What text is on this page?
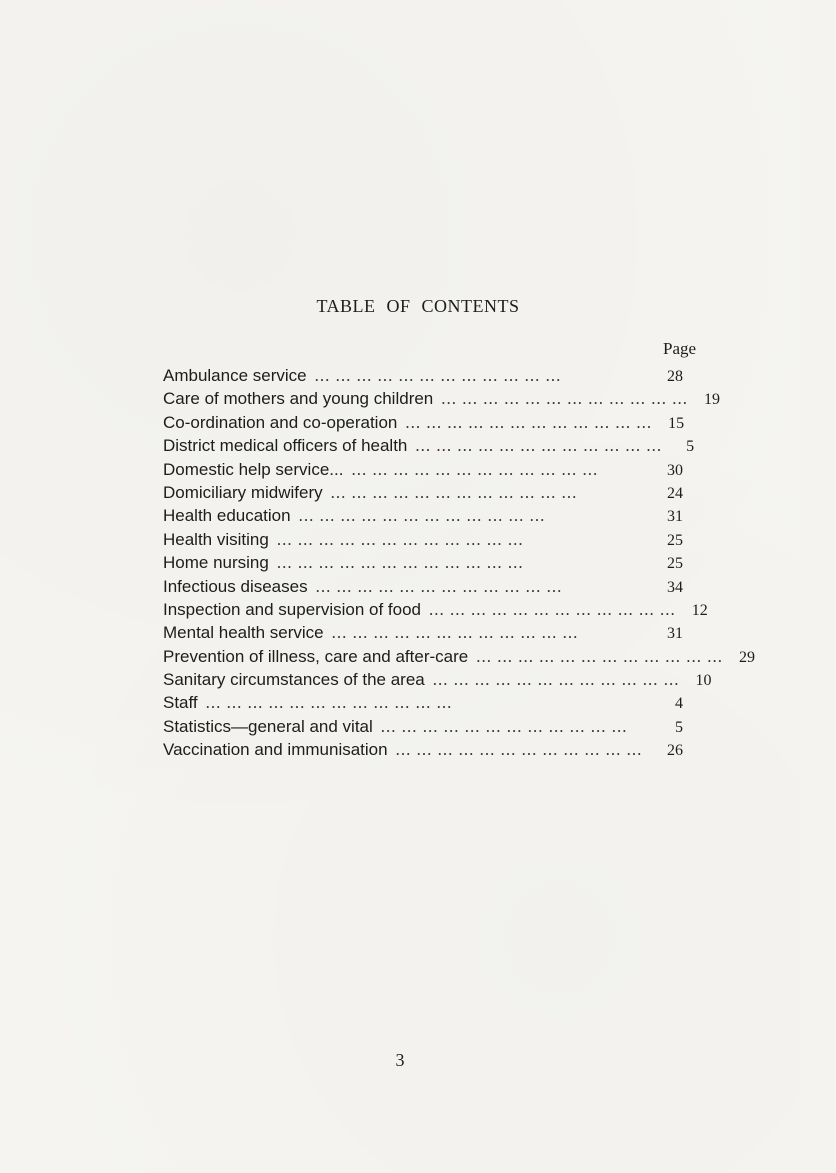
TABLE OF CONTENTS
Page
Ambulance service ... ... ... ... ... ... ... ... ... ... ... ...	28
Care of mothers and young children ... ... ... ... ... ... ... ... ... ... ... ...	19
Co-ordination and co-operation ... ... ... ... ... ... ... ... ... ... ... ...	15
District medical officers of health ... ... ... ... ... ... ... ... ... ... ... ...	5
Domestic help service... ... ... ... ... ... ... ... ... ... ... ... ...	30
Domiciliary midwifery ... ... ... ... ... ... ... ... ... ... ... ...	24
Health education ... ... ... ... ... ... ... ... ... ... ... ...	31
Health visiting ... ... ... ... ... ... ... ... ... ... ... ...	25
Home nursing ... ... ... ... ... ... ... ... ... ... ... ...	25
Infectious diseases ... ... ... ... ... ... ... ... ... ... ... ...	34
Inspection and supervision of food ... ... ... ... ... ... ... ... ... ... ... ...	12
Mental health service ... ... ... ... ... ... ... ... ... ... ... ...	31
Prevention of illness, care and after-care ... ... ... ... ... ... ... ... ... ... ... ...	29
Sanitary circumstances of the area ... ... ... ... ... ... ... ... ... ... ... ...	10
Staff ... ... ... ... ... ... ... ... ... ... ... ...	4
Statistics—general and vital ... ... ... ... ... ... ... ... ... ... ... ...	5
Vaccination and immunisation ... ... ... ... ... ... ... ... ... ... ... ...	26
3
